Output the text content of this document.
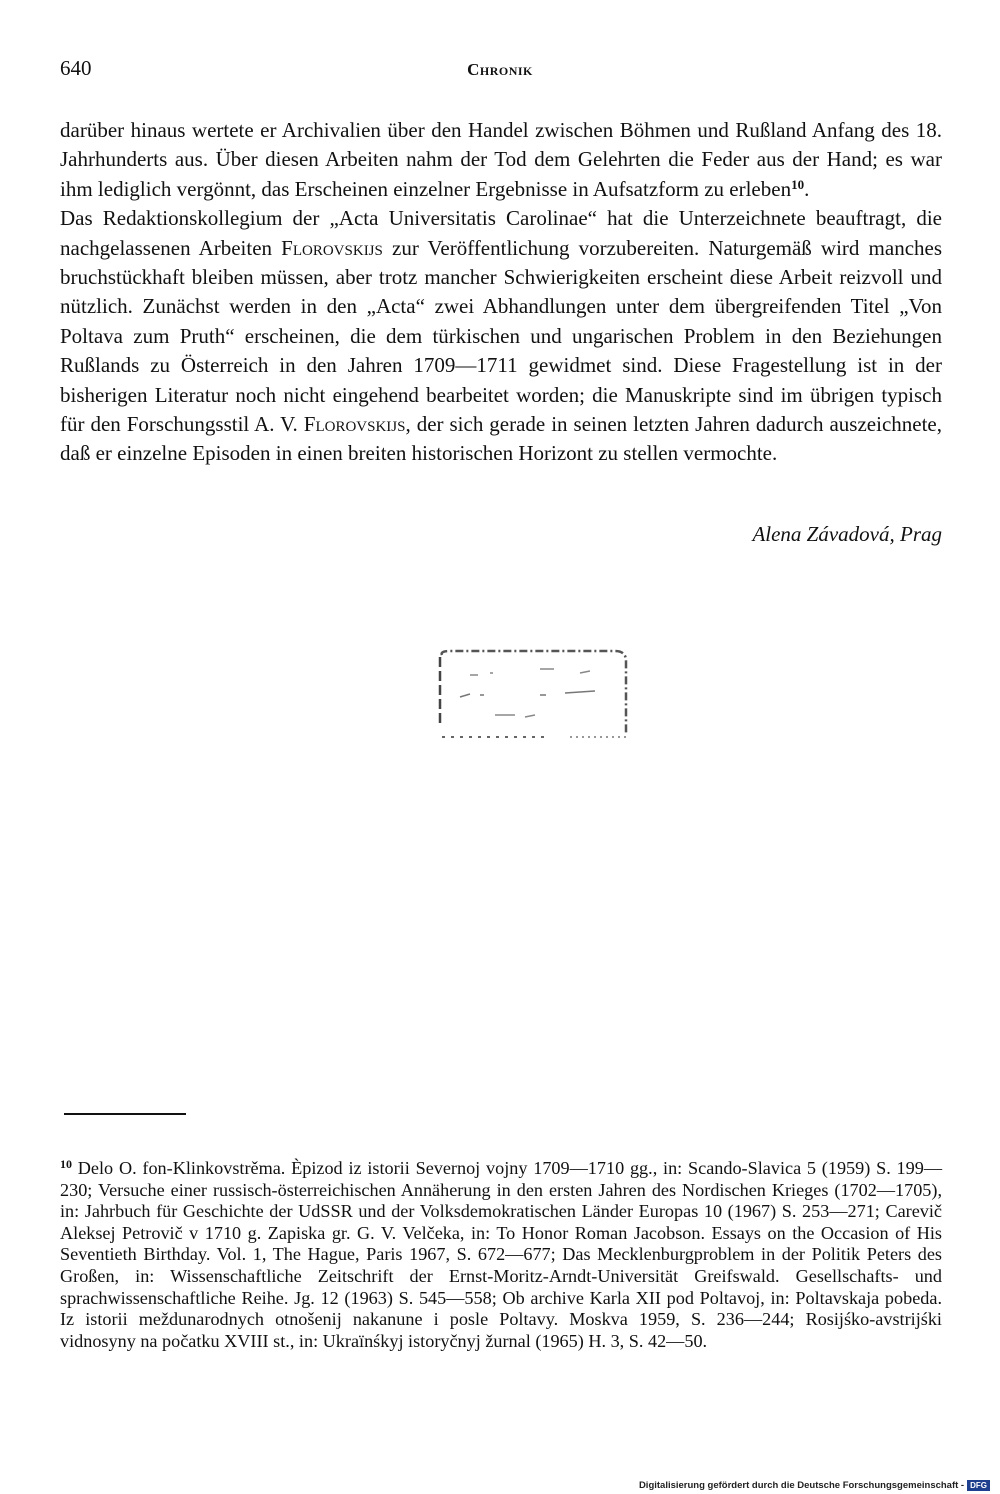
640	Chronik

darüber hinaus wertete er Archivalien über den Handel zwischen Böhmen und Rußland Anfang des 18. Jahrhunderts aus. Über diesen Arbeiten nahm der Tod dem Gelehrten die Feder aus der Hand; es war ihm lediglich vergönnt, das Erscheinen einzelner Ergebnisse in Aufsatzform zu erleben$^{10}$.

Das Redaktionskollegium der „Acta Universitatis Carolinae“ hat die Unterzeichnete beauftragt, die nachgelassenen Arbeiten Florovskijs zur Veröffentlichung vorzubereiten. Naturgemäß wird manches bruchstückhaft bleiben müssen, aber trotz mancher Schwierigkeiten erscheint diese Arbeit reizvoll und nützlich. Zunächst werden in den „Acta“ zwei Abhandlungen unter dem übergreifenden Titel „Von Poltava zum Pruth“ erscheinen, die dem türkischen und ungarischen Problem in den Beziehungen Rußlands zu Österreich in den Jahren 1709—1711 gewidmet sind. Diese Fragestellung ist in der bisherigen Literatur noch nicht eingehend bearbeitet worden; die Manuskripte sind im übrigen typisch für den Forschungsstil A. V. Florovskijs, der sich gerade in seinen letzten Jahren dadurch auszeichnete, daß er einzelne Episoden in einen breiten historischen Horizont zu stellen vermochte.

Alena Závadová, Prag
$^{10}$ Delo O. fon-Klinkovstrěma. Èpizod iz istorii Severnoj vojny 1709—1710 gg., in: Scando-Slavica 5 (1959) S. 199—230; Versuche einer russisch-österreichischen Annäherung in den ersten Jahren des Nordischen Krieges (1702—1705), in: Jahrbuch für Geschichte der UdSSR und der Volksdemokratischen Länder Europas 10 (1967) S. 253—271; Carevič Aleksej Petrovič v 1710 g. Zapiska gr. G. V. Velčeka, in: To Honor Roman Jacobson. Essays on the Occasion of His Seventieth Birthday. Vol. 1, The Hague, Paris 1967, S. 672—677; Das Mecklenburgproblem in der Politik Peters des Großen, in: Wissenschaftliche Zeitschrift der Ernst-Moritz-Arndt-Universität Greifswald. Gesellschafts- und sprachwissenschaftliche Reihe. Jg. 12 (1963) S. 545—558; Ob archive Karla XII pod Poltavoj, in: Poltavskaja pobeda. Iz istorii meždunarodnych otnošenij nakanune i posle Poltavy. Moskva 1959, S. 236—244; Rosijśko-avstrijśki vidnosyny na počatku XVIII st., in: Ukraïnśkyj istoryčnyj žurnal (1965) H. 3, S. 42—50.
Digitalisierung gefördert durch die Deutsche Forschungsgemeinschaft - DFG
